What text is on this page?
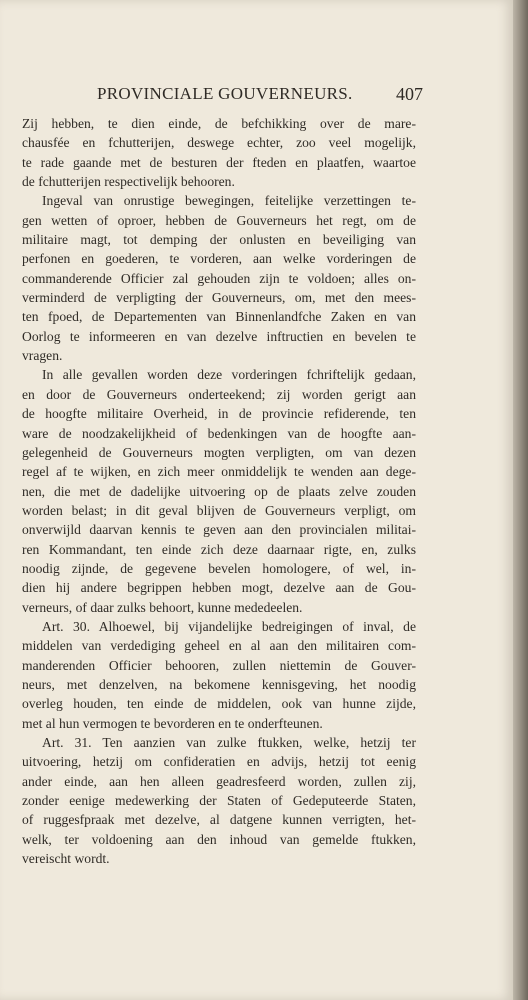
PROVINCIALE GOUVERNEURS. 407
Zij hebben, te dien einde, de befchikking over de mare-
chausfée en fchutterijen, deswege echter, zoo veel mogelijk,
te rade gaande met de besturen der fteden en plaatfen, waartoe
de fchutterijen respectivelijk behooren.
Ingeval van onrustige bewegingen, feitelijke verzettingen te-
gen wetten of oproer, hebben de Gouverneurs het regt, om de
militaire magt, tot demping der onlusten en beveiliging van
perfonen en goederen, te vorderen, aan welke vorderingen de
commanderende Officier zal gehouden zijn te voldoen; alles on-
verminderd de verpligting der Gouverneurs, om, met den mees-
ten fpoed, de Departementen van Binnenlandfche Zaken en van
Oorlog te informeeren en van dezelve inftructien en bevelen te
vragen.
In alle gevallen worden deze vorderingen fchriftelijk gedaan,
en door de Gouverneurs onderteekend; zij worden gerigt aan
de hoogfte militaire Overheid, in de provincie refiderende, ten
ware de noodzakelijkheid of bedenkingen van de hoogfte aan-
gelegenheid de Gouverneurs mogten verpligten, om van dezen
regel af te wijken, en zich meer onmiddelijk te wenden aan dege-
nen, die met de dadelijke uitvoering op de plaats zelve zouden
worden belast; in dit geval blijven de Gouverneurs verpligt, om
onverwijld daarvan kennis te geven aan den provincialen militai-
ren Kommandant, ten einde zich deze daarnaar rigte, en, zulks
noodig zijnde, de gegevene bevelen homologere, of wel, in-
dien hij andere begrippen hebben mogt, dezelve aan de Gou-
verneurs, of daar zulks behoort, kunne mededeelen.
Art. 30. Alhoewel, bij vijandelijke bedreigingen of inval, de
middelen van verdediging geheel en al aan den militairen com-
manderenden Officier behooren, zullen niettemin de Gouver-
neurs, met denzelven, na bekomene kennisgeving, het noodig
overleg houden, ten einde de middelen, ook van hunne zijde,
met al hun vermogen te bevorderen en te onderfteunen.
Art. 31. Ten aanzien van zulke ftukken, welke, hetzij ter
uitvoering, hetzij om confideratien en advijs, hetzij tot eenig
ander einde, aan hen alleen geadresfeerd worden, zullen zij,
zonder eenige medewerking der Staten of Gedeputeerde Staten,
of ruggesfpraak met dezelve, al datgene kunnen verrigten, het-
welk, ter voldoening aan den inhoud van gemelde ftukken,
vereischt wordt.
